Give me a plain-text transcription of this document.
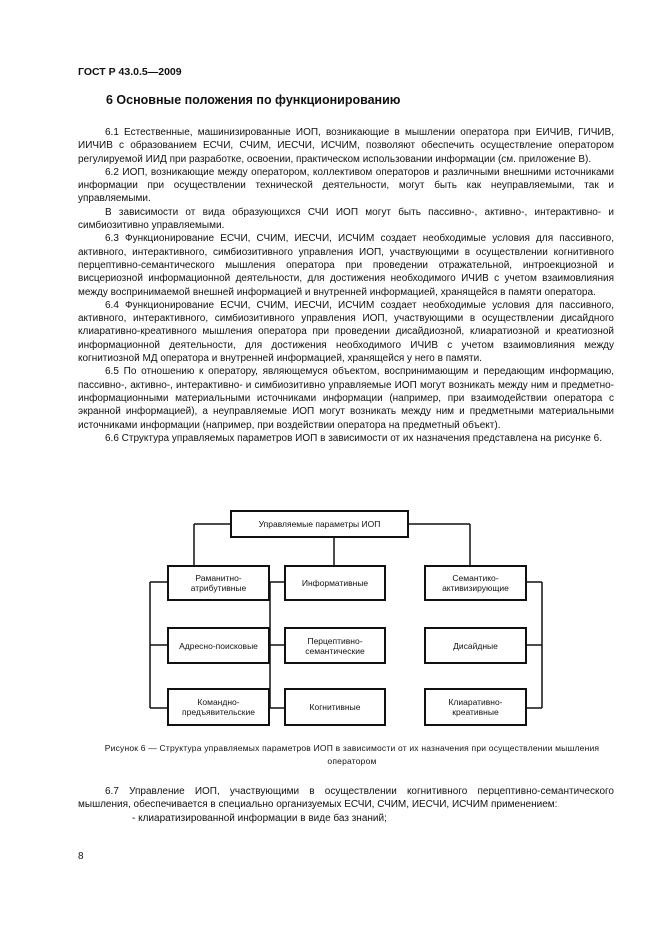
ГОСТ Р 43.0.5—2009
6 Основные положения по функционированию

6.1 Естественные, машинизированные ИОП, возникающие в мышлении оператора при ЕИЧИВ, ГИЧИВ, ИИЧИВ с образованием ЕСЧИ, СЧИМ, ИЕСЧИ, ИСЧИМ, позволяют обеспечить осуществление оператором регулируемой ИИД при разработке, освоении, практическом использовании информации (см. приложение В).

6.2 ИОП, возникающие между оператором, коллективом операторов и различными внешними источниками информации при осуществлении технической деятельности, могут быть как неуправляемыми, так и управляемыми.

В зависимости от вида образующихся СЧИ ИОП могут быть пассивно-, активно-, интерактивно- и симбиозитивно управляемыми.

6.3 Функционирование ЕСЧИ, СЧИМ, ИЕСЧИ, ИСЧИМ создает необходимые условия для пассивного, активного, интерактивного, симбиозитивного управления ИОП, участвующими в осуществлении когнитивного перцептивно-семантического мышления оператора при проведении отражательной, интроекциозной и висцериозной информационной деятельности, для достижения необходимого ИЧИВ с учетом взаимовлияния между воспринимаемой внешней информацией и внутренней информацией, хранящейся в памяти оператора.

6.4 Функционирование ЕСЧИ, СЧИМ, ИЕСЧИ, ИСЧИМ создает необходимые условия для пассивного, активного, интерактивного, симбиозитивного управления ИОП, участвующими в осуществлении дисайдного клиаративно-креативного мышления оператора при проведении дисайдиозной, клиаратиозной и креатиозной информационной деятельности, для достижения необходимого ИЧИВ с учетом взаимовлияния между когнитиозной МД оператора и внутренней информацией, хранящейся у него в памяти.

6.5 По отношению к оператору, являющемуся объектом, воспринимающим и передающим информацию, пассивно-, активно-, интерактивно- и симбиозитивно управляемые ИОП могут возникать между ним и предметно-информационными материальными источниками информации (например, при взаимодействии оператора с экранной информацией), а неуправляемые ИОП могут возникать между ним и предметными материальными источниками информации (например, при воздействии оператора на предметный объект).

6.6 Структура управляемых параметров ИОП в зависимости от их назначения представлена на рисунке 6.

Управляемые параметры ИОП
Раманитно-атрибутивные
Адресно-поисковые
Командно-предъявительские
Информативные
Перцептивно-семантические
Когнитивные
Семантико-активизирующие
Дисайдные
Клиаративно-креативные
Рисунок 6 — Структура управляемых параметров ИОП в зависимости от их назначения при осуществлении мышления оператором

6.7 Управление ИОП, участвующими в осуществлении когнитивного перцептивно-семантического мышления, обеспечивается в специально организуемых ЕСЧИ, СЧИМ, ИЕСЧИ, ИСЧИМ применением:

- клиаратизированной информации в виде баз знаний;

8
